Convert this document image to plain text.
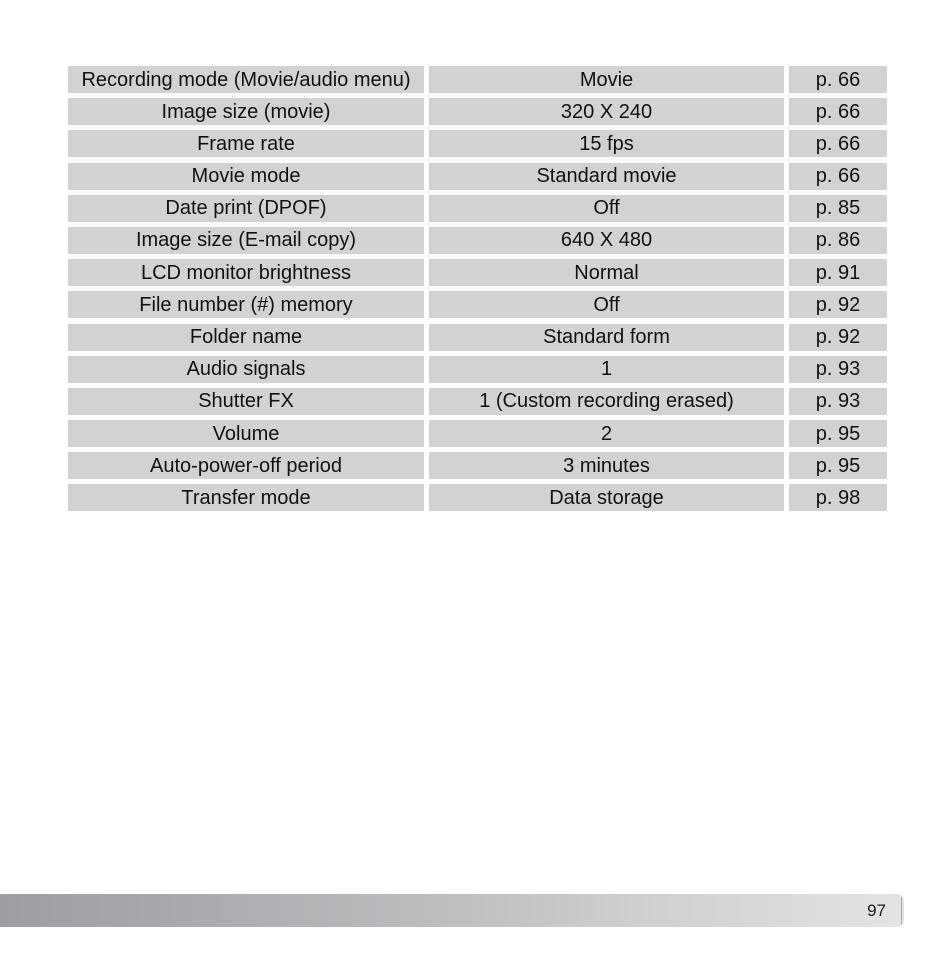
Recording mode (Movie/audio menu)	Movie	p. 66
Image size (movie)	320 X 240	p. 66
Frame rate	15 fps	p. 66
Movie mode	Standard movie	p. 66
Date print (DPOF)	Off	p. 85
Image size (E-mail copy)	640 X 480	p. 86
LCD monitor brightness	Normal	p. 91
File number (#) memory	Off	p. 92
Folder name	Standard form	p. 92
Audio signals	1	p. 93
Shutter FX	1 (Custom recording erased)	p. 93
Volume	2	p. 95
Auto-power-off period	3 minutes	p. 95
Transfer mode	Data storage	p. 98
97
